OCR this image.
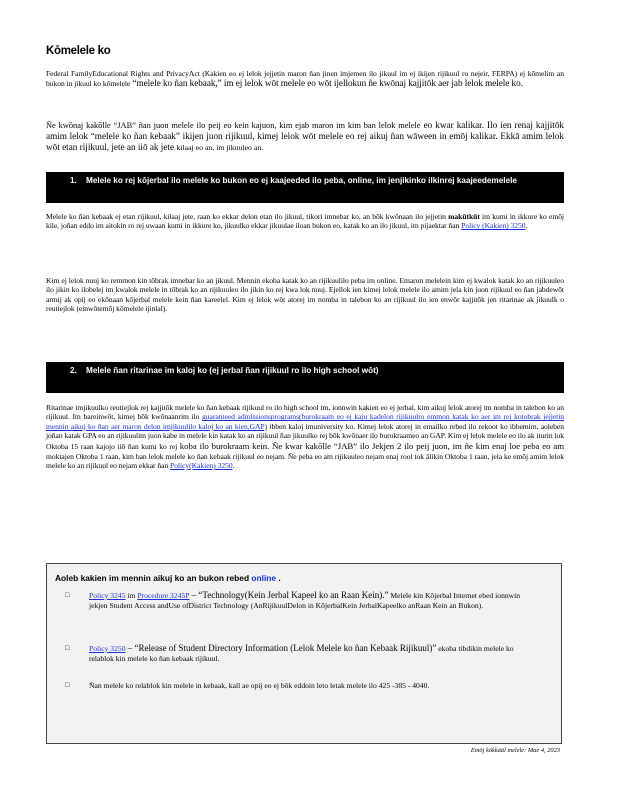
Kōmelele ko
Federal FamilyEducational Rights and PrivacyAct (Kakien eo ej lelok jejjetin maron ñan jinen imjemen ilo jikuul im ej ikijen rijikuul ro nejeir, FERPA) ej kōmelim an bukon in jikuul ko kōmelele “melele ko ñan kebaak,” im ej lelok wōt melele eo wōt ijellokun ñe kwōnaj kajjitōk aer jab lelok melele ko.
Ñe kwōnaj kakōlle “JAB” ñan juon melele ilo peij eo kein kajuon, kim ejab maron im kim ban lelok melele eo kwar kalikar. Ilo ien renaj kajjitōk amim lelok “melele ko ñan kebaak” ikijen juon rijikuul, kimej lelok wōt melele eo rej aikuj ñan wāween in emōj kalikar. Ekkā amim lelok wōt etan rijikuul, jete an iiō ak jete kilaaj eo an, im jikuuleo an.
1.	Melele ko rej kōjerbal ilo melele ko bukon eo ej kaajeeded ilo peba, online, im jenjikinko ilkinrej kaajeedemelele
Melele ko ñan kebaak ej etan rijikuul, kilaaj jete, raan ko ekkar delon etan ilo jikuul, tikori imnebar ko, an bōk kwōnaan ilo jejjetin makūtkūt im kumi in ikkure ko emōj kile, joñan eddo im aitokin ro rej uwaan kumi in ikkure ko, jikuulko ekkar jikuulae iloan bukon eo, katak ko an ilo jikuul, im pijaektar ñan Policy (Kakien) 3250.
Kim ej lelok nuuj ko remmon kin tōbrak imnebar ko an jikuul. Mennin ekoba katak ko an rijikuulilo peba im online. Emaron melelein kim ej kwalok katak ko an rijikuuleo ilo jikin ko ilobelej im kwalok melele in tōbrak ko an rijikuuleo ilo jikin ko rej kwa lok nuuj. Ejellok ien kimej lelok melele ilo amim jela kin juon rijikuul eo ñan jabdewōt armij ak opij eo ekōnaan kōjerbal melele kein ñan kareelel. Kim ej lelok wōt atorej im nomba in talebon ko an rijikuul ilo ien enwōr kajjitōk jen ritarinae ak jikuulk o reutiejlok (einwōtemōj kōmelele ijinlal).
2.	Melele ñan ritarinae im kaloj ko (ej jerbal ñan rijikuul ro ilo high school wōt)
Ritarinae imjikuulko reutiejlok rej kajjitōk melele ko ñan kebaak rijikuul ro ilo high school im, ionnwin kakien eo ej jerbal, kim aikuj lelok atorej im nomba in talebon ko an rijikuul. Im bareinwōt, kimej bōk kwōnaanrim ilo guaranteed admissionsprograms(burokraam eo ej kaju kadelon rijikuulro emmon katak ko aer im rej kotobrak jejjetin mennin aikuj ko ñan aer maron delon imjikuulilo kaloj ko an kien,GAP) ibben kaloj imuniversity ko. Kimej lelok atorej in emailko rebed ilo rekoot ko ibbemim, aoleben joñan katak GPA eo an rijikuulim juon kabe in melele kin katak ko an rijikuul ñan jikuulko rej bōk kwōnaer ilo burokraameo an GAP. Kim ej lelok melele eo ilo ak iturin lok Oktoba 15 raan kajojo iiō ñan kumi ko rej koba ilo burokraam kein. Ñe kwar kakōlle “JAB” ilo Jekjen 2 ilo peij juon, im ñe kim enaj loe peba eo am moktajen Oktoba 1 raan, kim ban lelok melele ko ñan kebaak rijikuul eo nejam. Ñe peba eo am rijikuuleo nejam enaj rool tok ālikin Oktoba 1 raan, jela ke emōj amim lelok melele ko an rijikuul eo nejam ekkar ñan Policy(Kakien) 3250.
Aoleb kakien im mennin aikuj ko an bukon rebed online .
□	Policy 3245 im Procedure 3245P – “Technology(Kein Jerbal Kapeel ko an Raan Kein).” Melele kin Kōjerbal Internet ebed ionnwin jekjen Student Access andUse ofDistrict Technology (AnRijikuulDelon in KōjerbalKein JerbalKapeelko anRaan Kein an Bukon).
□	Policy 3250 – “Release of Student Directory Information (Lelok Melele ko ñan Kebaak Rijikuul)” ekoba tibdikin melele ko relablok kin melele ko ñan kebaak rijikuul.
□	Ñan melele ko relablok kin melele in kebaak, kall ae opij eo ej bōk eddoin leto letak melele ilo 425 -385 - 4040.
Emōj kōkkāāl melele: Mae 4, 2023
